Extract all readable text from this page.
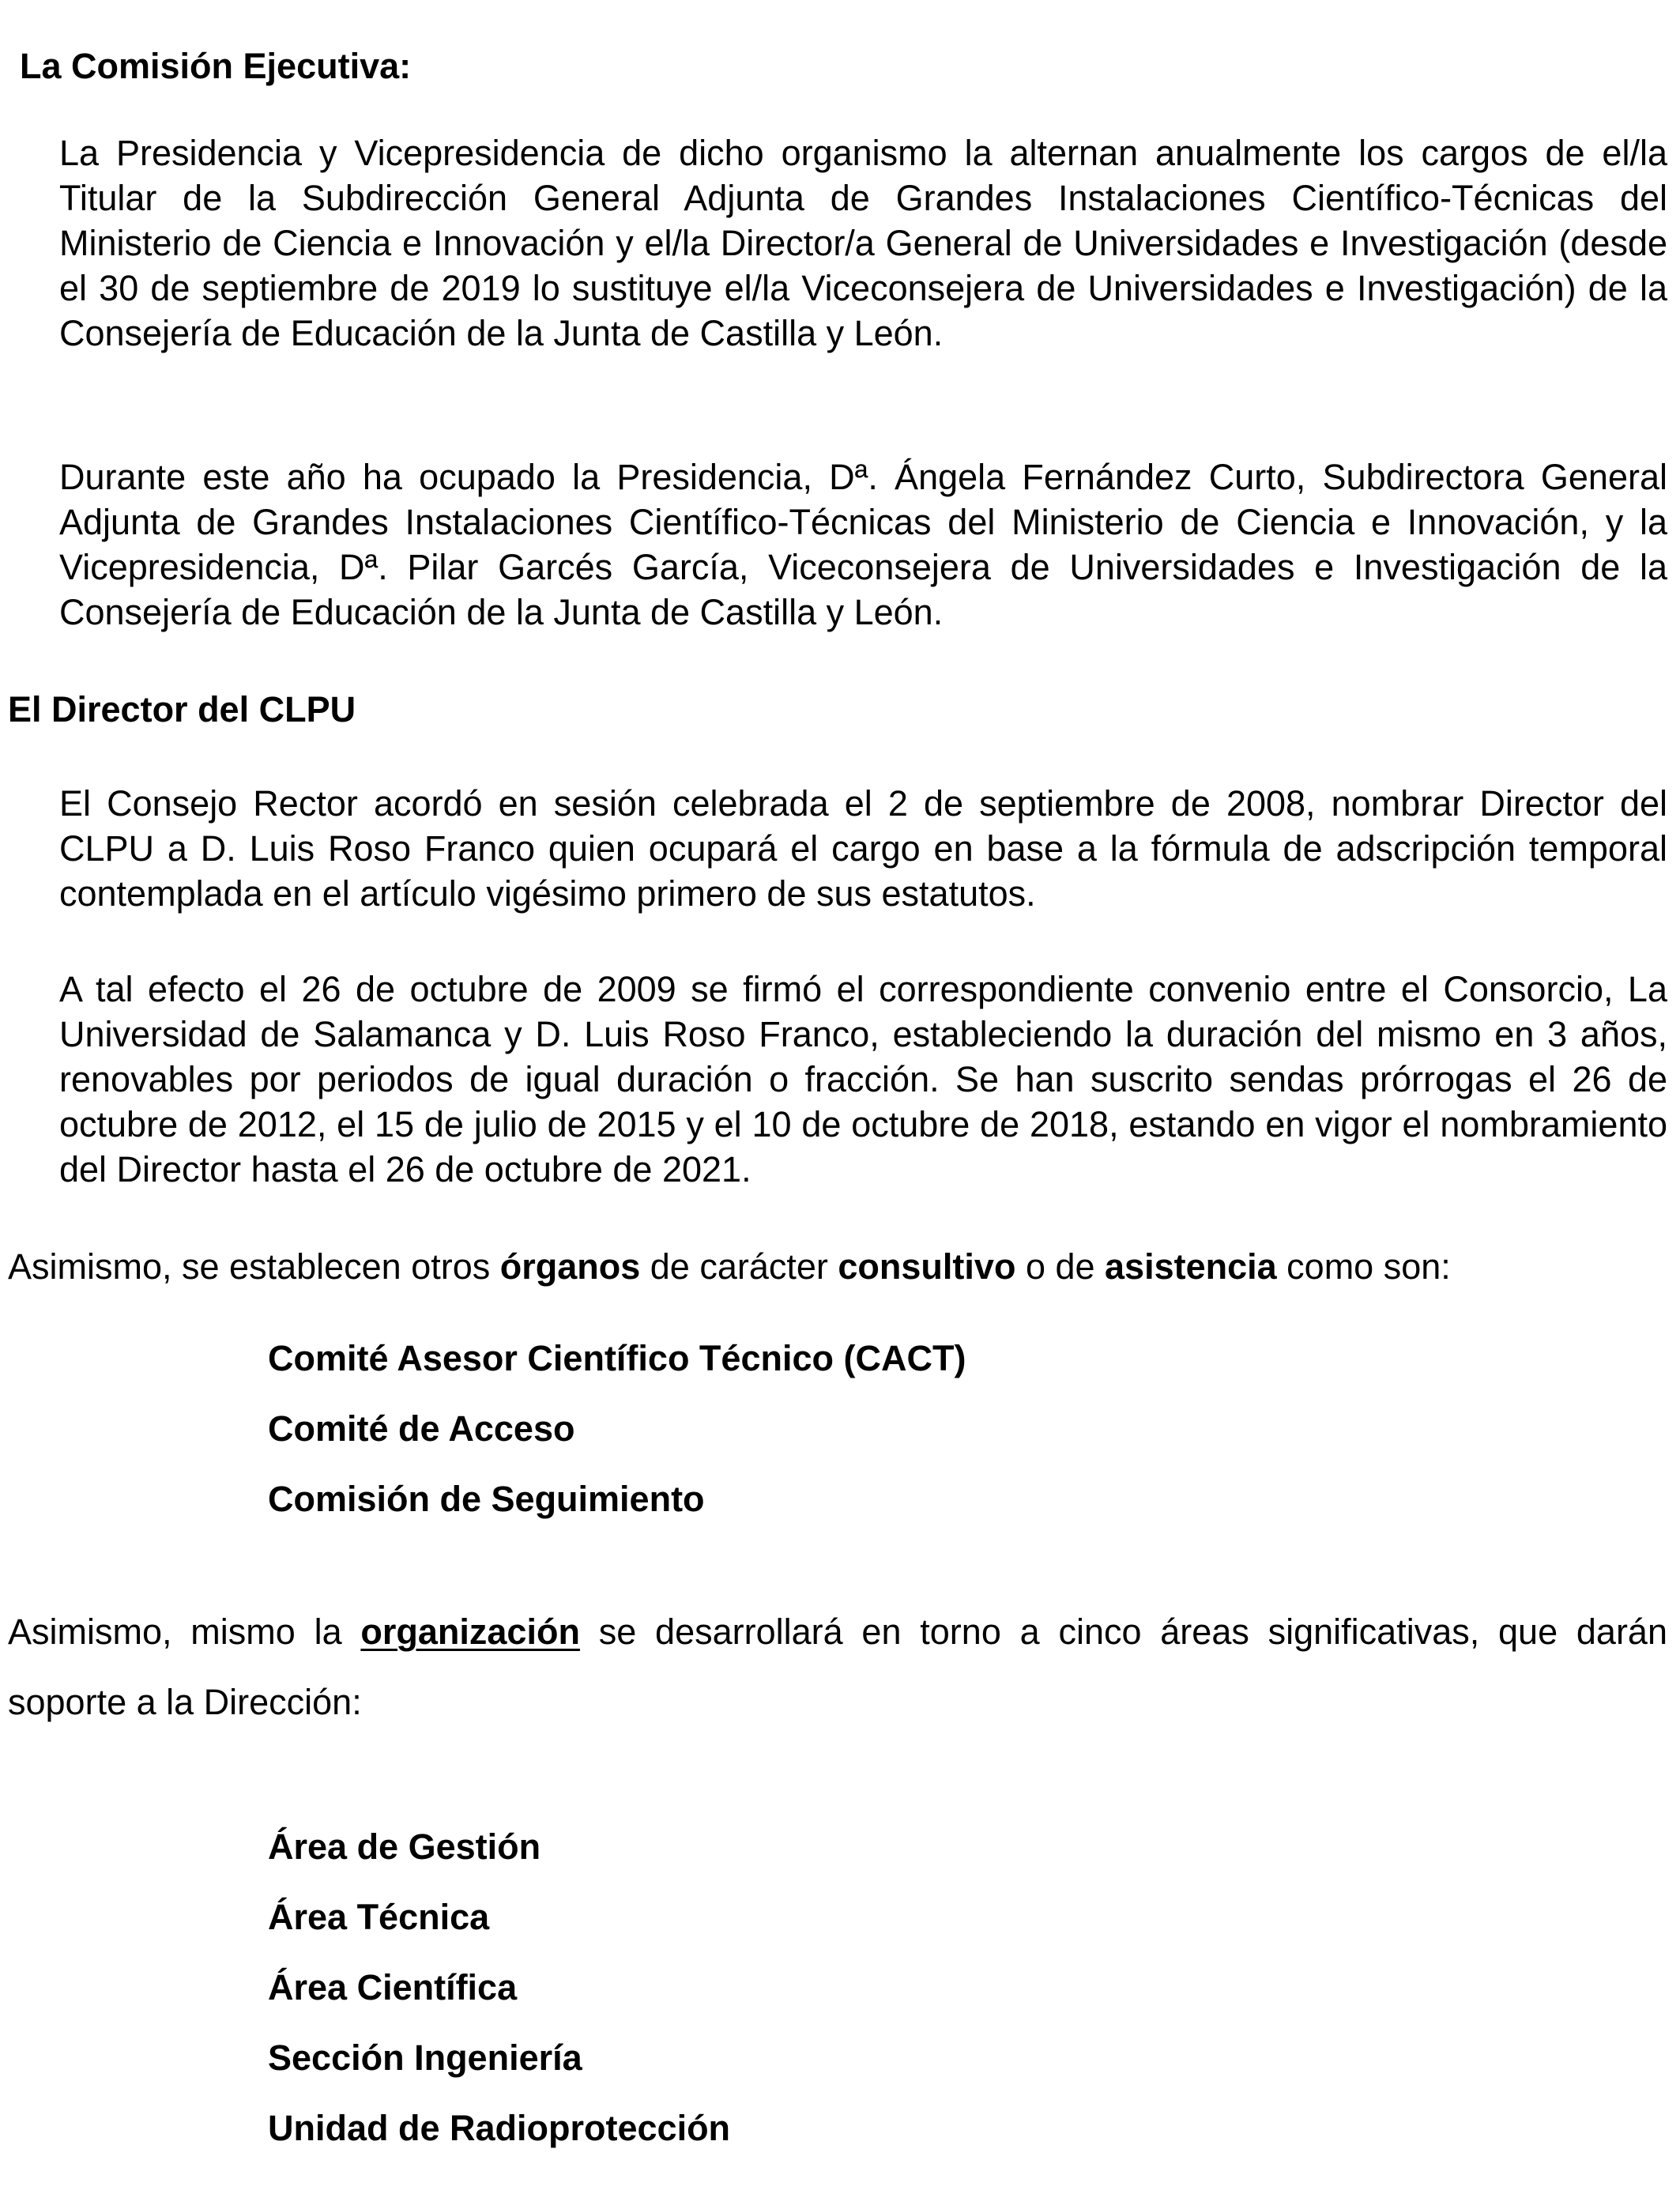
La Comisión Ejecutiva:

La Presidencia y Vicepresidencia de dicho organismo la alternan anualmente los cargos de el/la Titular de la Subdirección General Adjunta de Grandes Instalaciones Científico-Técnicas del Ministerio de Ciencia e Innovación y el/la Director/a General de Universidades e Investigación (desde el 30 de septiembre de 2019 lo sustituye el/la Viceconsejera de Universidades e Investigación) de la Consejería de Educación de la Junta de Castilla y León.

Durante este año ha ocupado la Presidencia, Dª. Ángela Fernández Curto, Subdirectora General Adjunta de Grandes Instalaciones Científico-Técnicas del Ministerio de Ciencia e Innovación, y la Vicepresidencia, Dª. Pilar Garcés García, Viceconsejera de Universidades e Investigación de la Consejería de Educación de la Junta de Castilla y León.

El Director del CLPU

El Consejo Rector acordó en sesión celebrada el 2 de septiembre de 2008, nombrar Director del CLPU a D. Luis Roso Franco quien ocupará el cargo en base a la fórmula de adscripción temporal contemplada en el artículo vigésimo primero de sus estatutos.

A tal efecto el 26 de octubre de 2009 se firmó el correspondiente convenio entre el Consorcio, La Universidad de Salamanca y D. Luis Roso Franco, estableciendo la duración del mismo en 3 años, renovables por periodos de igual duración o fracción. Se han suscrito sendas prórrogas el 26 de octubre de 2012, el 15 de julio de 2015 y el 10 de octubre de 2018, estando en vigor el nombramiento del Director hasta el 26 de octubre de 2021.

Asimismo, se establecen otros órganos de carácter consultivo o de asistencia como son:

Comité Asesor Científico Técnico (CACT)
Comité de Acceso
Comisión de Seguimiento

Asimismo, mismo la organización se desarrollará en torno a cinco áreas significativas, que darán soporte a la Dirección:

Área de Gestión
Área Técnica
Área Científica
Sección Ingeniería
Unidad de Radioprotección
